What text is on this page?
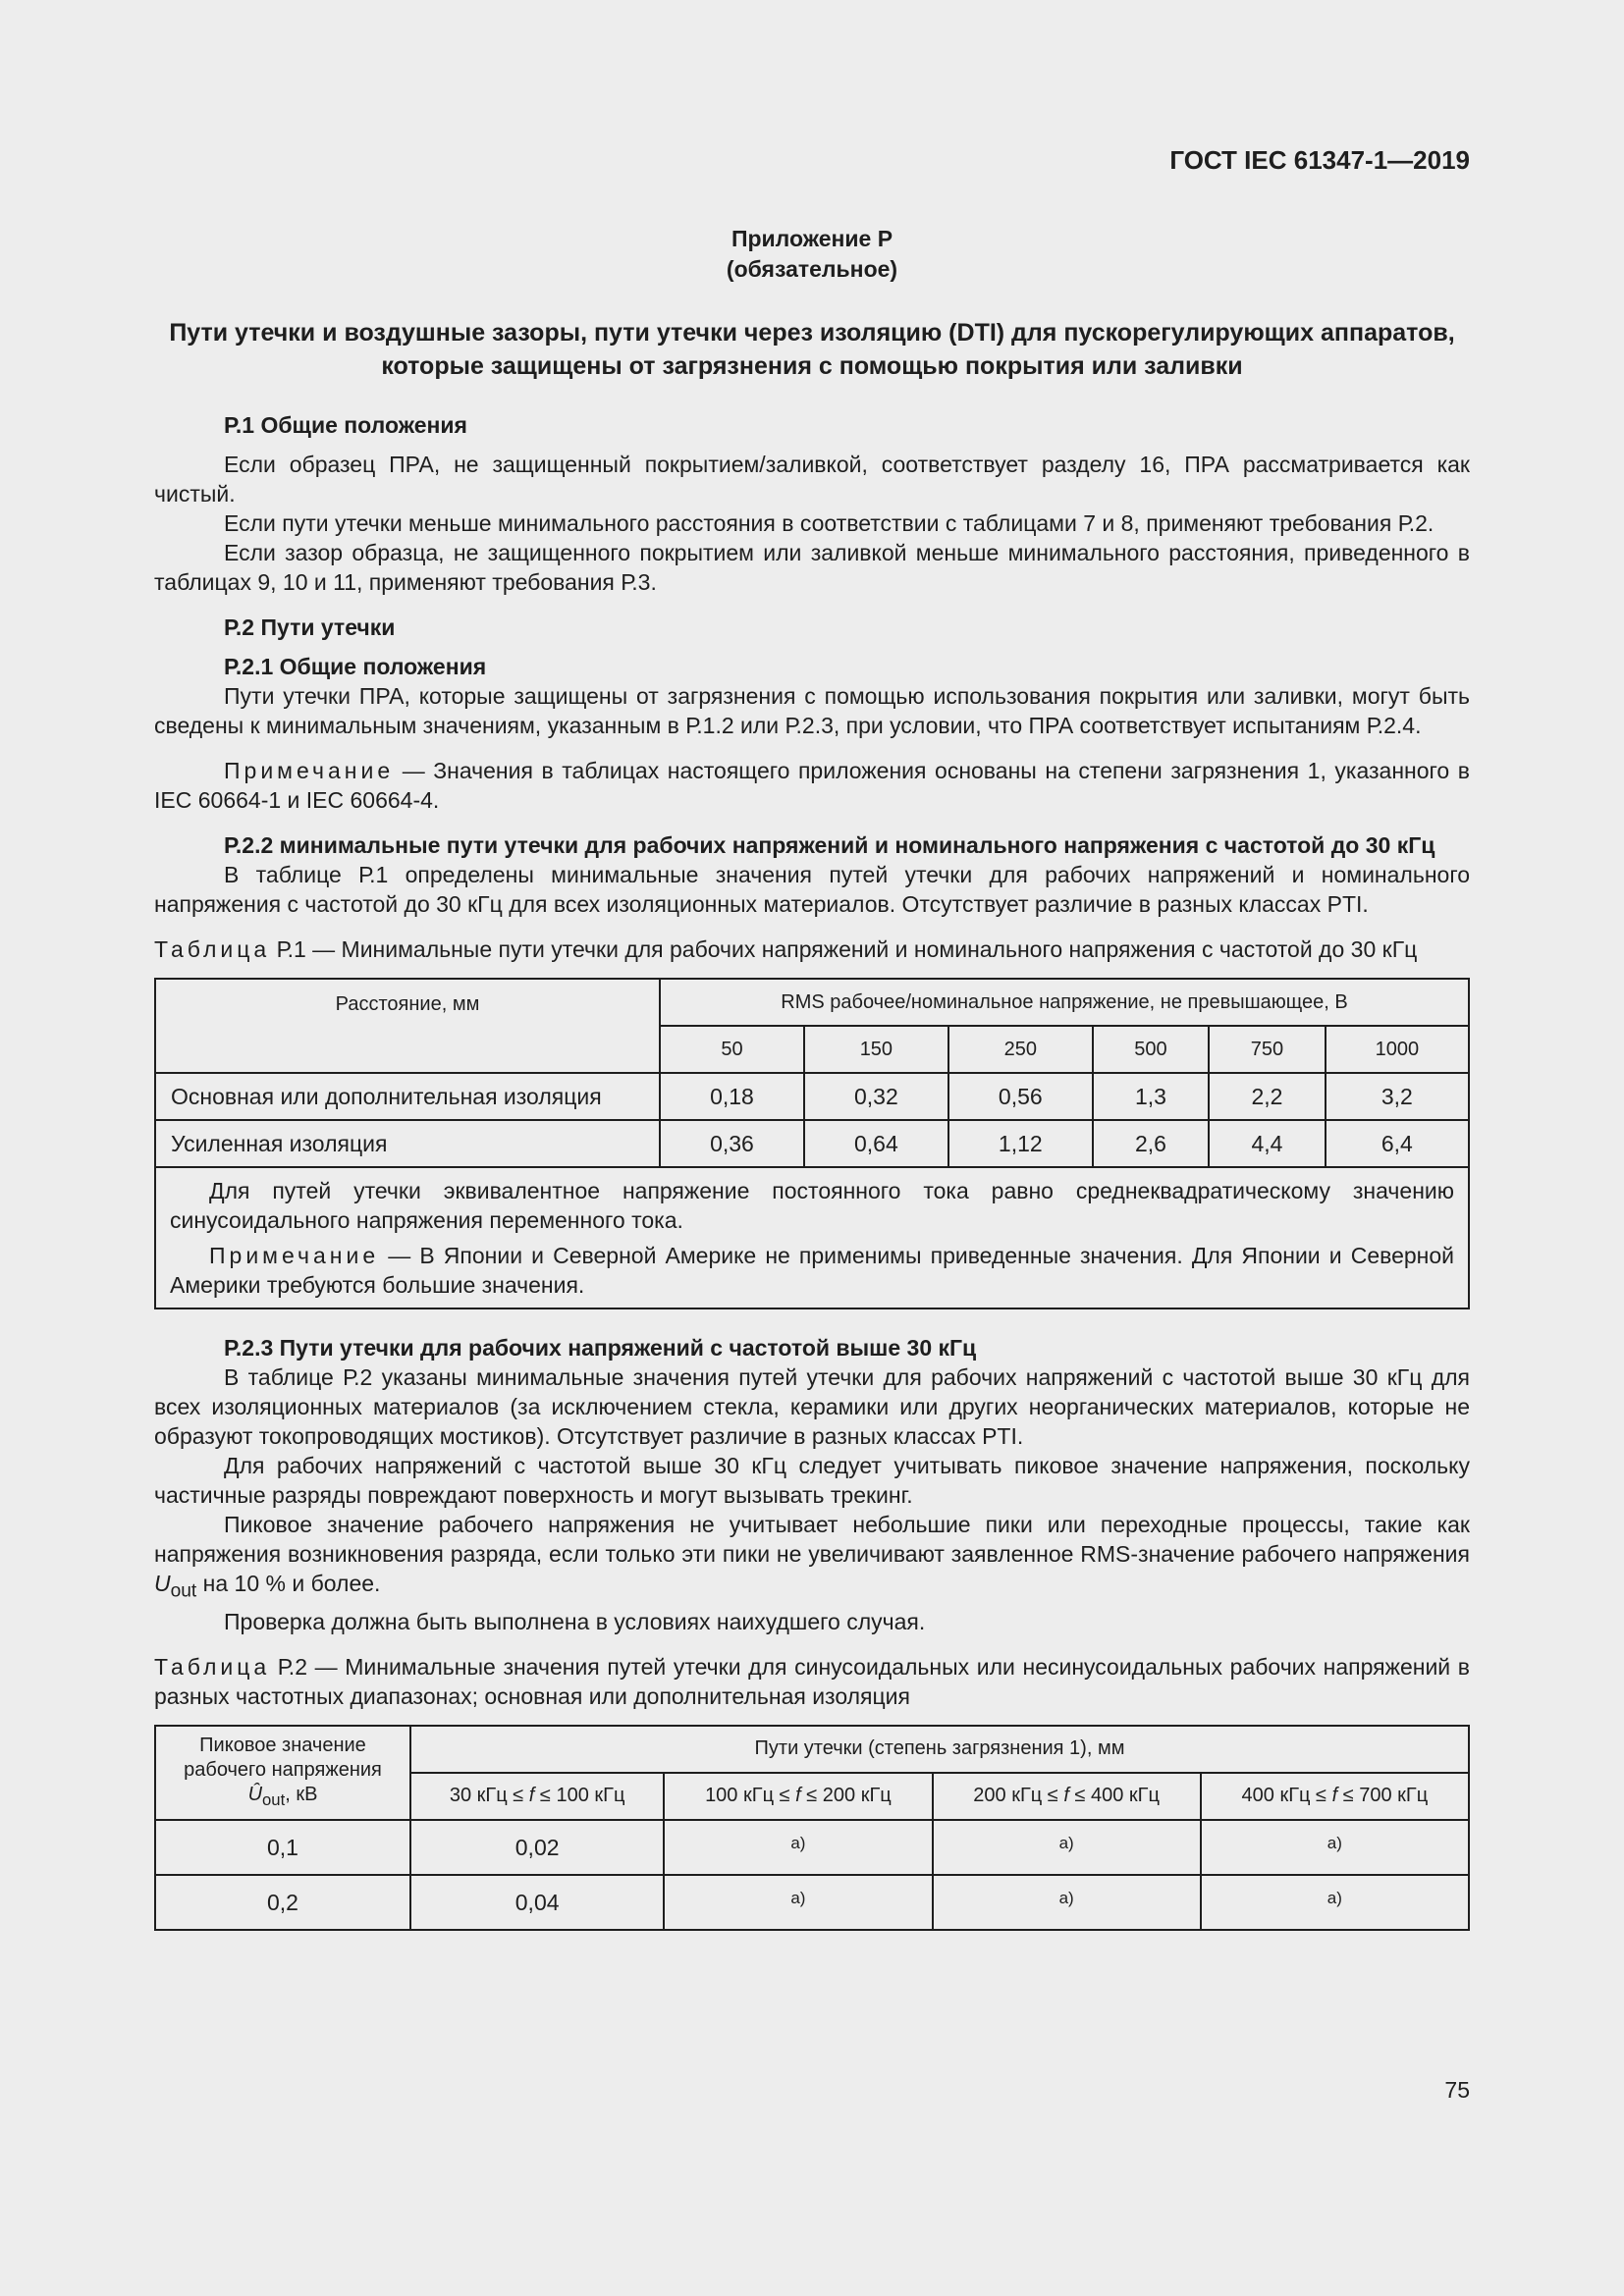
ГОСТ IEC 61347-1—2019
Приложение Р
(обязательное)
Пути утечки и воздушные зазоры, пути утечки через изоляцию (DTI) для пускорегулирующих аппаратов, которые защищены от загрязнения с помощью покрытия или заливки

Р.1 Общие положения

Если образец ПРА, не защищенный покрытием/заливкой, соответствует разделу 16, ПРА рассматривается как чистый.

Если пути утечки меньше минимального расстояния в соответствии с таблицами 7 и 8, применяют требования Р.2.

Если зазор образца, не защищенного покрытием или заливкой меньше минимального расстояния, приведенного в таблицах 9, 10 и 11, применяют требования Р.3.

Р.2 Пути утечки

Р.2.1 Общие положения

Пути утечки ПРА, которые защищены от загрязнения с помощью использования покрытия или заливки, могут быть сведены к минимальным значениям, указанным в Р.1.2 или Р.2.3, при условии, что ПРА соответствует испытаниям Р.2.4.

Примечание — Значения в таблицах настоящего приложения основаны на степени загрязнения 1, указанного в IEC 60664-1 и IEC 60664-4.

Р.2.2 минимальные пути утечки для рабочих напряжений и номинального напряжения с частотой до 30 кГц

В таблице Р.1 определены минимальные значения путей утечки для рабочих напряжений и номинального напряжения с частотой до 30 кГц для всех изоляционных материалов. Отсутствует различие в разных классах PTI.

Таблица Р.1 — Минимальные пути утечки для рабочих напряжений и номинального напряжения с частотой до 30 кГц

Расстояние, мм	RMS рабочее/номинальное напряжение, не превышающее, В					
	50	150	250	500	750	1000
Основная или дополнительная изоляция	0,18	0,32	0,56	1,3	2,2	3,2
Усиленная изоляция	0,36	0,64	1,12	2,6	4,4	6,4

Для путей утечки эквивалентное напряжение постоянного тока равно среднеквадратическому значению синусоидального напряжения переменного тока.

Примечание — В Японии и Северной Америке не применимы приведенные значения. Для Японии и Северной Америки требуются большие значения.						

Р.2.3 Пути утечки для рабочих напряжений с частотой выше 30 кГц

В таблице Р.2 указаны минимальные значения путей утечки для рабочих напряжений с частотой выше 30 кГц для всех изоляционных материалов (за исключением стекла, керамики или других неорганических материалов, которые не образуют токопроводящих мостиков). Отсутствует различие в разных классах PTI.

Для рабочих напряжений с частотой выше 30 кГц следует учитывать пиковое значение напряжения, поскольку частичные разряды повреждают поверхность и могут вызывать трекинг.

Пиковое значение рабочего напряжения не учитывает небольшие пики или переходные процессы, такие как напряжения возникновения разряда, если только эти пики не увеличивают заявленное RMS-значение рабочего напряжения $U_{out}$ на 10 % и более.

Проверка должна быть выполнена в условиях наихудшего случая.

Таблица Р.2 — Минимальные значения путей утечки для синусоидальных или несинусоидальных рабочих напряжений в разных частотных диапазонах; основная или дополнительная изоляция

Пиковое значение
рабочего напряжения
$Û_{out}$, кВ	Пути утечки (степень загрязнения 1), мм			
	30 кГц ≤ f ≤ 100 кГц	100 кГц ≤ f ≤ 200 кГц	200 кГц ≤ f ≤ 400 кГц	400 кГц ≤ f ≤ 700 кГц
0,1	0,02	а)	а)	а)
0,2	0,04	а)	а)	а)
75
